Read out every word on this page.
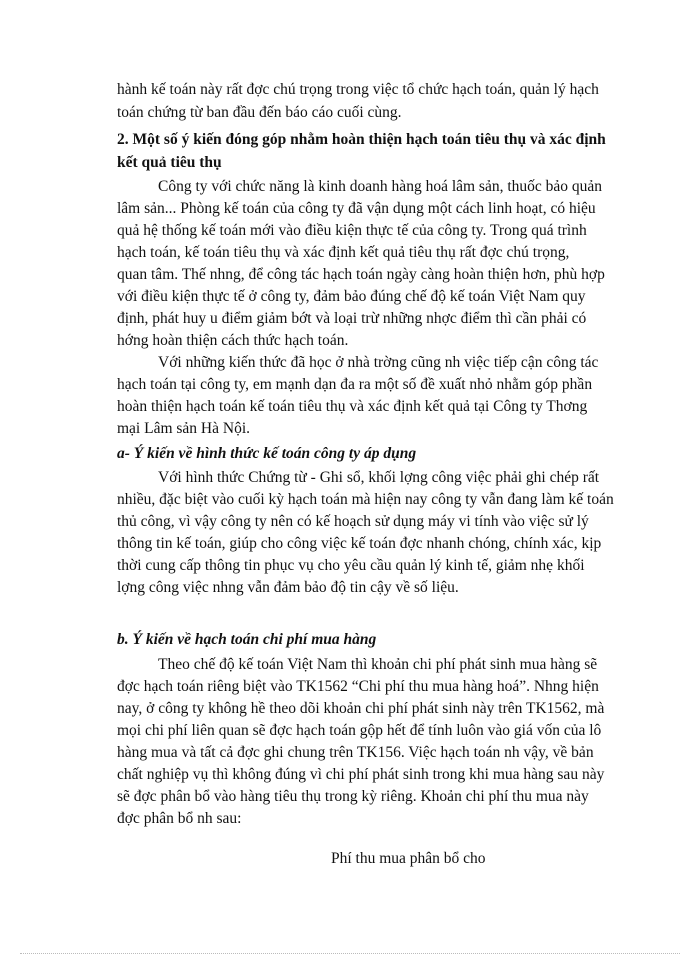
hành kế toán này rất đợc chú trọng trong việc tổ chức hạch toán, quản lý hạch

toán chứng từ ban đầu đến báo cáo cuối cùng.

2. Một số ý kiến đóng góp nhằm hoàn thiện hạch toán tiêu thụ và xác định

kết quả tiêu thụ

Công ty với chức năng là kinh doanh hàng hoá lâm sản, thuốc bảo quản

lâm sản... Phòng kế toán của công ty đã vận dụng một cách linh hoạt, có hiệu

quả hệ thống kế toán mới vào điều kiện thực tế của công ty. Trong quá trình

hạch toán, kế toán tiêu thụ và xác định kết quả tiêu thụ rất đợc chú trọng,

quan tâm. Thế nhng, để công tác hạch toán ngày càng hoàn thiện hơn, phù hợp

với điều kiện thực tế ở công ty, đảm bảo đúng chế độ kế toán Việt Nam quy

định, phát huy u điểm giảm bớt và loại trừ những nhợc điểm thì cần phải có

hớng hoàn thiện cách thức hạch toán.

Với những kiến thức đã học ở nhà trờng cũng nh việc tiếp cận công tác

hạch toán tại công ty, em mạnh dạn đa ra một số đề xuất nhỏ nhằm góp phần

hoàn thiện hạch toán kế toán tiêu thụ và xác định kết quả tại Công ty Thơng

mại Lâm sản Hà Nội.

a- Ý kiến về hình thức kế toán công ty áp dụng

Với hình thức Chứng từ - Ghi sổ, khối lợng công việc phải ghi chép rất

nhiều, đặc biệt vào cuối kỳ hạch toán mà hiện nay công ty vẫn đang làm kế toán

thủ công, vì vậy công ty nên có kế hoạch sử dụng máy vi tính vào việc sử lý

thông tin kế toán, giúp cho công việc kế toán đợc nhanh chóng, chính xác, kịp

thời cung cấp thông tin phục vụ cho yêu cầu quản lý kinh tế, giảm nhẹ khối

lợng công việc nhng vẫn đảm bảo độ tin cậy về số liệu.

b. Ý kiến về hạch toán chi phí mua hàng

Theo chế độ kế toán Việt Nam thì khoản chi phí phát sinh mua hàng sẽ

đợc hạch toán riêng biệt vào TK1562 “Chi phí thu mua hàng hoá”. Nhng hiện

nay, ở công ty không hề theo dõi khoản chi phí phát sinh này trên TK1562, mà

mọi chi phí liên quan sẽ đợc hạch toán gộp hết để tính luôn vào giá vốn của lô

hàng mua và tất cả đợc ghi chung trên TK156. Việc hạch toán nh vậy, về bản

chất nghiệp vụ thì không đúng vì chi phí phát sinh trong khi mua hàng sau này

sẽ đợc phân bổ vào hàng tiêu thụ trong kỳ riêng. Khoản chi phí thu mua này

đợc phân bổ nh sau:

Phí thu mua phân bổ cho
